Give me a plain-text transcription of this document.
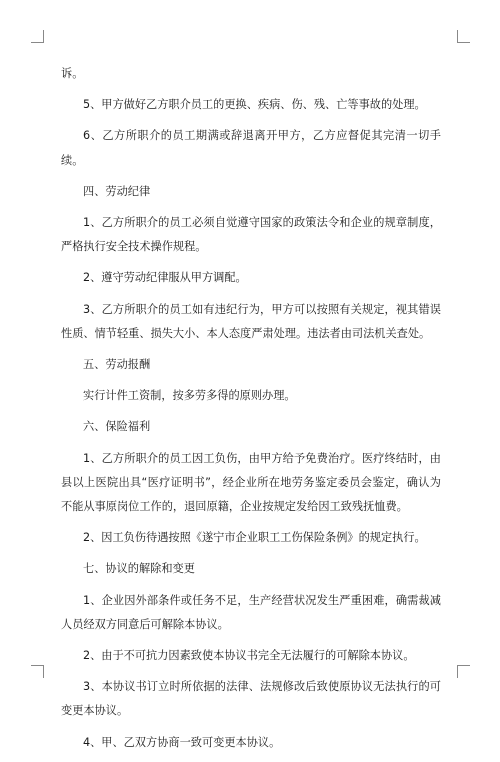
诉。

5、甲方做好乙方职介员工的更换、疾病、伤、残、亡等事故的处理。

6、乙方所职介的员工期满或辞退离开甲方，乙方应督促其完清一切手续。

四、劳动纪律

1、乙方所职介的员工必须自觉遵守国家的政策法令和企业的规章制度，严格执行安全技术操作规程。

2、遵守劳动纪律服从甲方调配。

3、乙方所职介的员工如有违纪行为，甲方可以按照有关规定，视其错误性质、情节轻重、损失大小、本人态度严肃处理。违法者由司法机关查处。

五、劳动报酬

实行计件工资制，按多劳多得的原则办理。

六、保险福利

1、乙方所职介的员工因工负伤，由甲方给予免费治疗。医疗终结时，由县以上医院出具“医疗证明书”，经企业所在地劳务鉴定委员会鉴定，确认为不能从事原岗位工作的，退回原籍，企业按规定发给因工致残抚恤费。

2、因工负伤待遇按照《遂宁市企业职工工伤保险条例》的规定执行。

七、协议的解除和变更

1、企业因外部条件或任务不足，生产经营状况发生严重困难，确需裁减人员经双方同意后可解除本协议。

2、由于不可抗力因素致使本协议书完全无法履行的可解除本协议。

3、本协议书订立时所依据的法律、法规修改后致使原协议无法执行的可变更本协议。

4、甲、乙双方协商一致可变更本协议。
